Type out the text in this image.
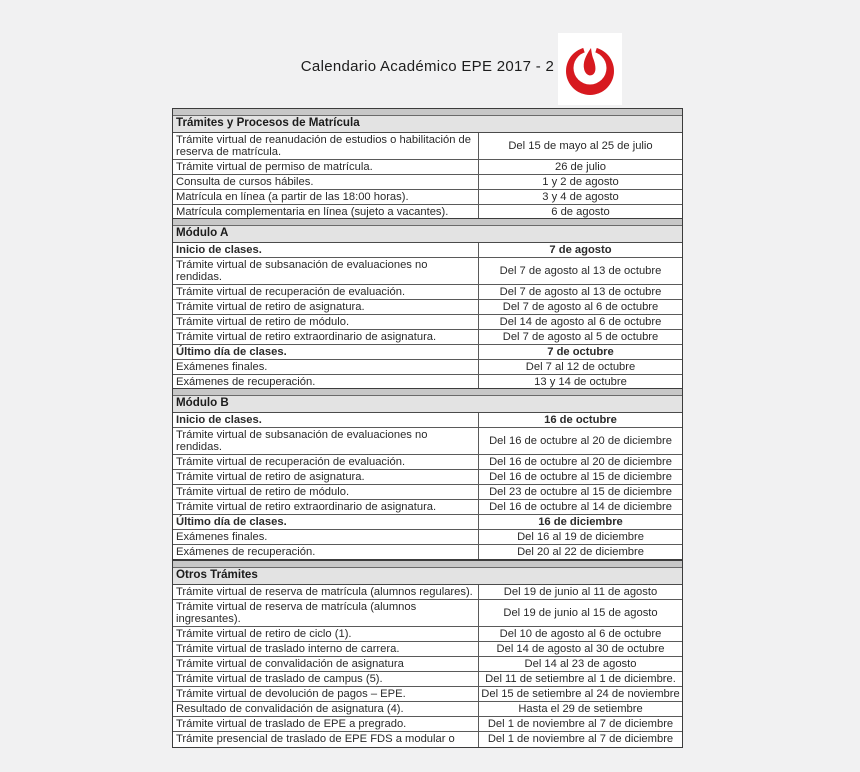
Calendario Académico EPE 2017 - 2
Trámites y Procesos de Matrícula
Trámite virtual de reanudación de estudios o habilitación de reserva de matrícula.
Del 15 de mayo al 25 de julio
Trámite virtual de permiso de matrícula.	26 de julio
Consulta de cursos hábiles.	1 y 2 de agosto
Matrícula en línea (a partir de las 18:00 horas).	3 y 4 de agosto
Matrícula complementaria en línea (sujeto a vacantes).	6 de agosto
Módulo A
Inicio de clases.	7 de agosto
Trámite virtual de subsanación de evaluaciones no rendidas.
Del 7 de agosto al 13 de octubre
Trámite virtual de recuperación de evaluación.	Del 7 de agosto al 13 de octubre
Trámite virtual de retiro de asignatura.	Del 7 de agosto al 6 de octubre
Trámite virtual de retiro de módulo.	Del 14 de agosto al 6 de octubre
Trámite virtual de retiro extraordinario de asignatura.	Del 7 de agosto al 5 de octubre
Último día de clases.	7 de octubre
Exámenes finales.	Del 7 al 12 de octubre
Exámenes de recuperación.	13 y 14 de octubre
Módulo B
Inicio de clases.	16 de octubre
Trámite virtual de subsanación de evaluaciones no rendidas.
Del 16 de octubre al 20 de diciembre
Trámite virtual de recuperación de evaluación.	Del 16 de octubre al 20 de diciembre
Trámite virtual de retiro de asignatura.	Del 16 de octubre al 15 de diciembre
Trámite virtual de retiro de módulo.	Del 23 de octubre al 15 de diciembre
Trámite virtual de retiro extraordinario de asignatura.	Del 16 de octubre al 14 de diciembre
Último día de clases.	16 de diciembre
Exámenes finales.	Del 16 al 19 de diciembre
Exámenes de recuperación.	Del 20 al 22 de diciembre
Otros Trámites
Trámite virtual de reserva de matrícula (alumnos regulares).	Del 19 de junio al 11 de agosto
Trámite virtual de reserva de matrícula (alumnos ingresantes).
Del 19 de junio al 15 de agosto
Trámite virtual de retiro de ciclo (1).	Del 10 de agosto al 6 de octubre
Trámite virtual de traslado interno de carrera.	Del 14 de agosto al 30 de octubre
Trámite virtual de convalidación de asignatura	Del 14 al 23 de agosto
Trámite virtual de traslado de campus (5).	Del 11 de setiembre al 1 de diciembre.
Trámite virtual de devolución de pagos – EPE.	Del 15 de setiembre al 24 de noviembre
Resultado de convalidación de asignatura (4).	Hasta el 29 de setiembre
Trámite virtual de traslado de EPE a pregrado.	Del 1 de noviembre al 7 de diciembre
Trámite presencial de traslado de EPE FDS a modular o	Del 1 de noviembre al 7 de diciembre
